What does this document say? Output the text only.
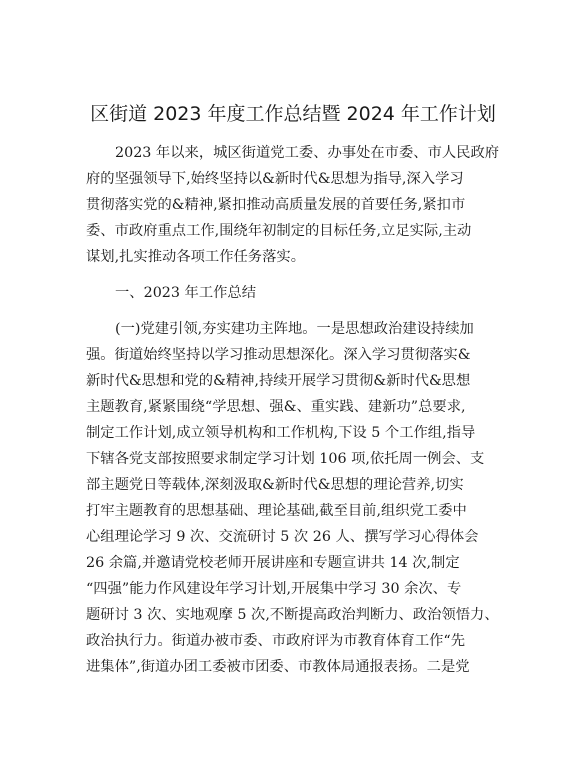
区街道 2023 年度工作总结暨 2024 年工作计划
2023 年以来，城区街道党工委、办事处在市委、市人民政府
府的坚强领导下,始终坚持以&新时代&思想为指导,深入学习
贯彻落实党的&精神,紧扣推动高质量发展的首要任务,紧扣市
委、市政府重点工作,围绕年初制定的目标任务,立足实际,主动
谋划,扎实推动各项工作任务落实。
一、2023 年工作总结
(一)党建引领,夯实建功主阵地。一是思想政治建设持续加
强。街道始终坚持以学习推动思想深化。深入学习贯彻落实&
新时代&思想和党的&精神,持续开展学习贯彻&新时代&思想
主题教育,紧紧围绕“学思想、强&、重实践、建新功”总要求,
制定工作计划,成立领导机构和工作机构,下设 5 个工作组,指导
下辖各党支部按照要求制定学习计划 106 项,依托周一例会、支
部主题党日等载体,深刻汲取&新时代&思想的理论营养,切实
打牢主题教育的思想基础、理论基础,截至目前,组织党工委中
心组理论学习 9 次、交流研讨 5 次 26 人、撰写学习心得体会
26 余篇,并邀请党校老师开展讲座和专题宣讲共 14 次,制定
“四强”能力作风建设年学习计划,开展集中学习 30 余次、专
题研讨 3 次、实地观摩 5 次,不断提高政治判断力、政治领悟力、
政治执行力。街道办被市委、市政府评为市教育体育工作“先
进集体”,街道办团工委被市团委、市教体局通报表扬。二是党
